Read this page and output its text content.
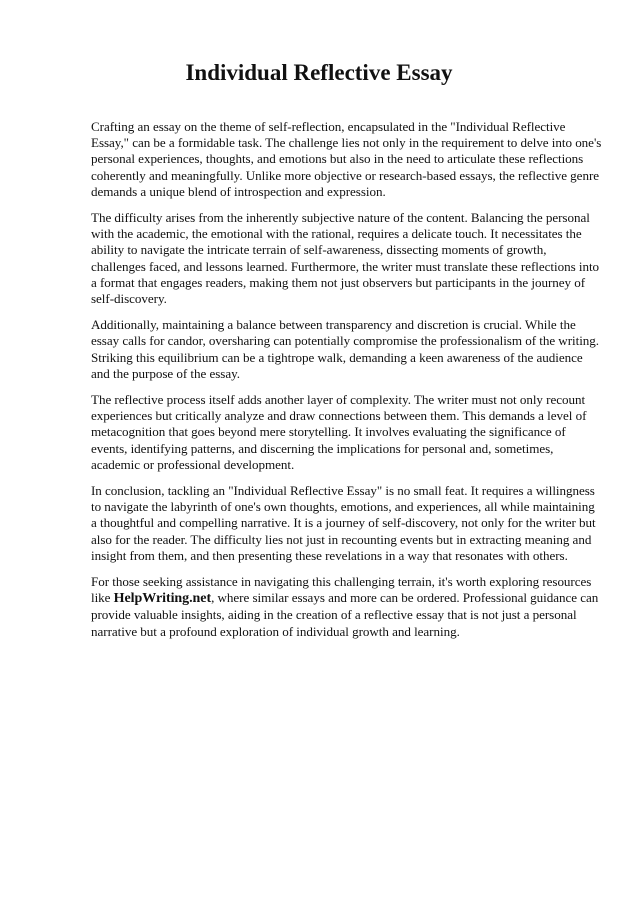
Individual Reflective Essay

Crafting an essay on the theme of self-reflection, encapsulated in the "Individual Reflective Essay," can be a formidable task. The challenge lies not only in the requirement to delve into one's personal experiences, thoughts, and emotions but also in the need to articulate these reflections coherently and meaningfully. Unlike more objective or research-based essays, the reflective genre demands a unique blend of introspection and expression.

The difficulty arises from the inherently subjective nature of the content. Balancing the personal with the academic, the emotional with the rational, requires a delicate touch. It necessitates the ability to navigate the intricate terrain of self-awareness, dissecting moments of growth, challenges faced, and lessons learned. Furthermore, the writer must translate these reflections into a format that engages readers, making them not just observers but participants in the journey of self-discovery.

Additionally, maintaining a balance between transparency and discretion is crucial. While the essay calls for candor, oversharing can potentially compromise the professionalism of the writing. Striking this equilibrium can be a tightrope walk, demanding a keen awareness of the audience and the purpose of the essay.

The reflective process itself adds another layer of complexity. The writer must not only recount experiences but critically analyze and draw connections between them. This demands a level of metacognition that goes beyond mere storytelling. It involves evaluating the significance of events, identifying patterns, and discerning the implications for personal and, sometimes, academic or professional development.

In conclusion, tackling an "Individual Reflective Essay" is no small feat. It requires a willingness to navigate the labyrinth of one's own thoughts, emotions, and experiences, all while maintaining a thoughtful and compelling narrative. It is a journey of self-discovery, not only for the writer but also for the reader. The difficulty lies not just in recounting events but in extracting meaning and insight from them, and then presenting these revelations in a way that resonates with others.

For those seeking assistance in navigating this challenging terrain, it's worth exploring resources like HelpWriting.net, where similar essays and more can be ordered. Professional guidance can provide valuable insights, aiding in the creation of a reflective essay that is not just a personal narrative but a profound exploration of individual growth and learning.
